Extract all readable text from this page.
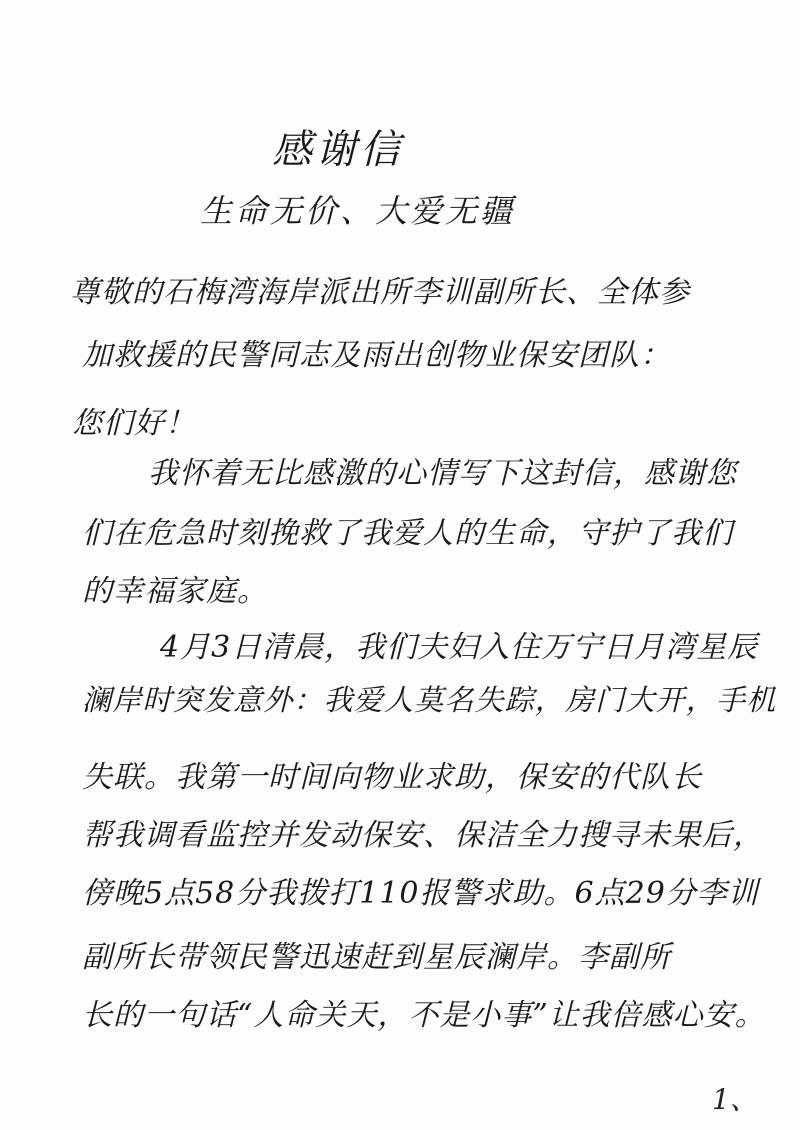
感谢信
生命无价、大爱无疆
尊敬的石梅湾海岸派出所李训副所长、全体参
加救援的民警同志及雨出创物业保安团队：
您们好！
我怀着无比感激的心情写下这封信，感谢您
们在危急时刻挽救了我爱人的生命，守护了我们
的幸福家庭。
4月3日清晨，我们夫妇入住万宁日月湾星辰
澜岸时突发意外：我爱人莫名失踪，房门大开，手机
失联。我第一时间向物业求助，保安的代队长
帮我调看监控并发动保安、保洁全力搜寻未果后，
傍晚5点58分我拨打110报警求助。6点29分李训
副所长带领民警迅速赶到星辰澜岸。李副所
长的一句话“人命关天，不是小事”让我倍感心安。
1、
